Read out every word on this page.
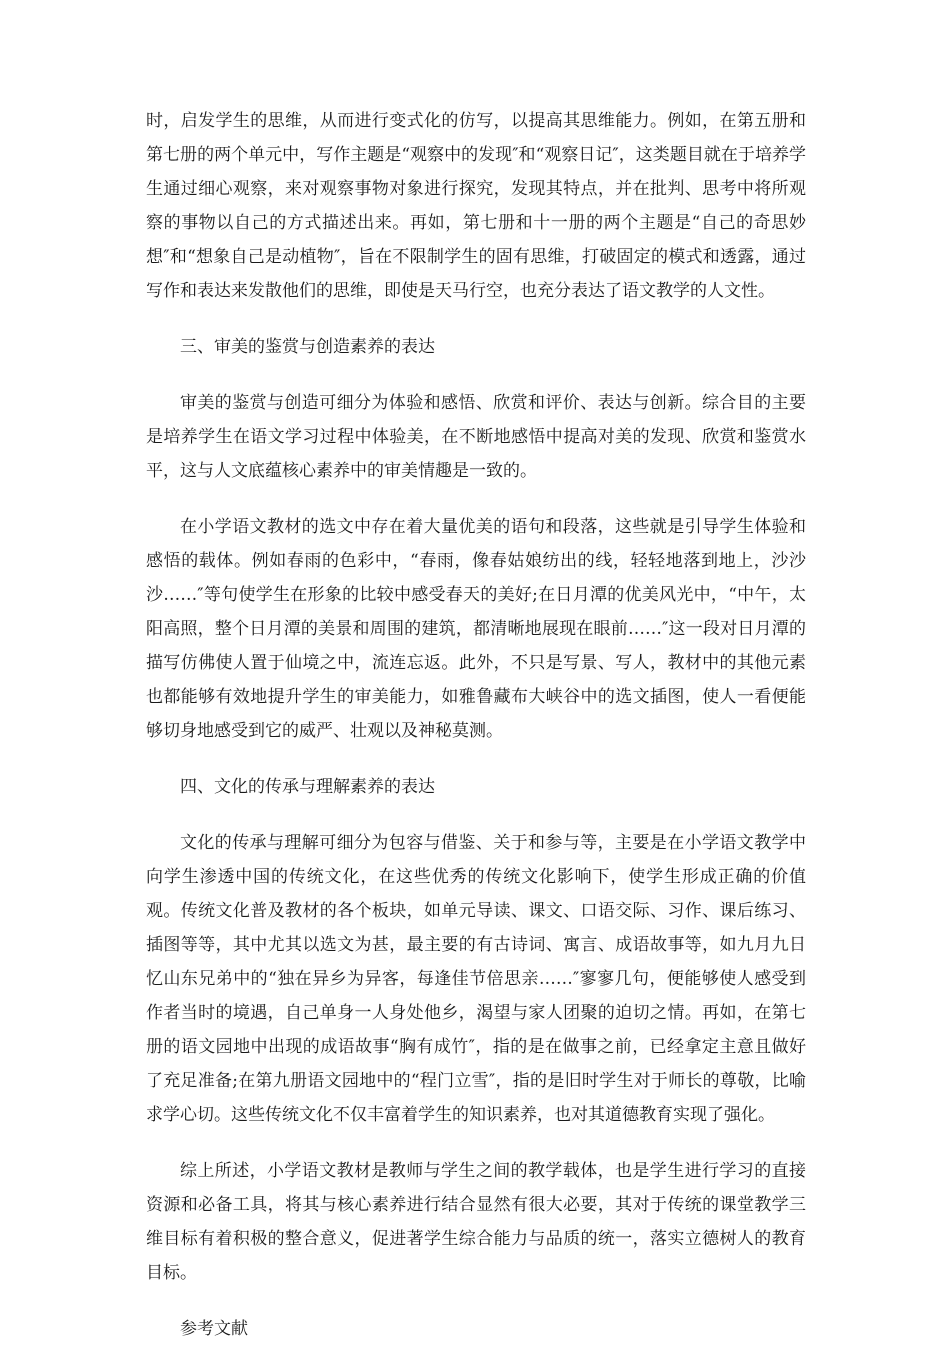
时，启发学生的思维，从而进行变式化的仿写，以提高其思维能力。例如，在第五册和第七册的两个单元中，写作主题是“观察中的发现″和“观察日记″，这类题目就在于培养学生通过细心观察，来对观察事物对象进行探究，发现其特点，并在批判、思考中将所观察的事物以自己的方式描述出来。再如，第七册和十一册的两个主题是“自己的奇思妙想″和“想象自己是动植物″，旨在不限制学生的固有思维，打破固定的模式和透露，通过写作和表达来发散他们的思维，即使是天马行空，也充分表达了语文教学的人文性。

三、审美的鉴赏与创造素养的表达

审美的鉴赏与创造可细分为体验和感悟、欣赏和评价、表达与创新。综合目的主要是培养学生在语文学习过程中体验美，在不断地感悟中提高对美的发现、欣赏和鉴赏水平，这与人文底蕴核心素养中的审美情趣是一致的。

在小学语文教材的选文中存在着大量优美的语句和段落，这些就是引导学生体验和感悟的载体。例如春雨的色彩中，“春雨，像春姑娘纺出的线，轻轻地落到地上，沙沙沙……″等句使学生在形象的比较中感受春天的美好;在日月潭的优美风光中，“中午，太阳高照，整个日月潭的美景和周围的建筑，都清晰地展现在眼前……″这一段对日月潭的描写仿佛使人置于仙境之中，流连忘返。此外，不只是写景、写人，教材中的其他元素也都能够有效地提升学生的审美能力，如雅鲁藏布大峡谷中的选文插图，使人一看便能够切身地感受到它的威严、壮观以及神秘莫测。

四、文化的传承与理解素养的表达

文化的传承与理解可细分为包容与借鉴、关于和参与等，主要是在小学语文教学中向学生渗透中国的传统文化，在这些优秀的传统文化影响下，使学生形成正确的价值观。传统文化普及教材的各个板块，如单元导读、课文、口语交际、习作、课后练习、插图等等，其中尤其以选文为甚，最主要的有古诗词、寓言、成语故事等，如九月九日忆山东兄弟中的“独在异乡为异客，每逢佳节倍思亲……″寥寥几句，便能够使人感受到作者当时的境遇，自己单身一人身处他乡，渴望与家人团聚的迫切之情。再如，在第七册的语文园地中出现的成语故事“胸有成竹″，指的是在做事之前，已经拿定主意且做好了充足准备;在第九册语文园地中的“程门立雪″，指的是旧时学生对于师长的尊敬，比喻求学心切。这些传统文化不仅丰富着学生的知识素养，也对其道德教育实现了强化。

综上所述，小学语文教材是教师与学生之间的教学载体，也是学生进行学习的直接资源和必备工具，将其与核心素养进行结合显然有很大必要，其对于传统的课堂教学三维目标有着积极的整合意义，促进著学生综合能力与品质的统一，落实立德树人的教育目标。

参考文献
